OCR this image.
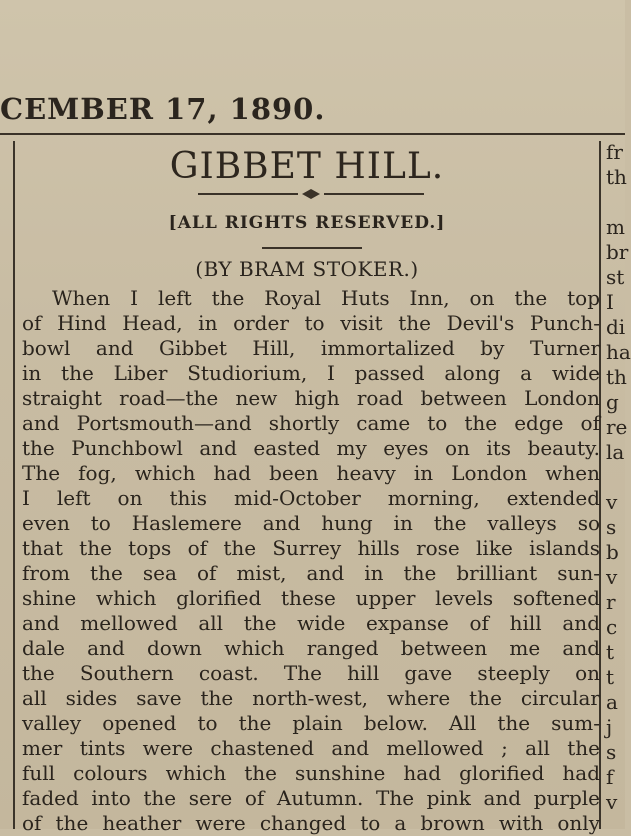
CEMBER 17, 1890.
GIBBET HILL.
[ALL RIGHTS RESERVED.]
(BY BRAM STOKER.)
When I left the Royal Huts Inn, on the top
of Hind Head, in order to visit the Devil's Punch-
bowl and Gibbet Hill, immortalized by Turner
in the Liber Studiorium, I passed along a wide
straight road—the new high road between London
and Portsmouth—and shortly came to the edge of
the Punchbowl and easted my eyes on its beauty.
The fog, which had been heavy in London when
I left on this mid-October morning, extended
even to Haslemere and hung in the valleys so
that the tops of the Surrey hills rose like islands
from the sea of mist, and in the brilliant sun-
shine which glorified these upper levels softened
and mellowed all the wide expanse of hill and
dale and down which ranged between me and
the Southern coast. The hill gave steeply on
all sides save the north-west, where the circular
valley opened to the plain below. All the sum-
mer tints were chastened and mellowed ; all the
full colours which the sunshine had glorified had
faded into the sere of Autumn. The pink and purple
of the heather were changed to a brown with only
fr
th
m
br
st
I
di
ha
th
g
re
la
v
s
b
v
r
c
t
t
a
j
s
f
v
